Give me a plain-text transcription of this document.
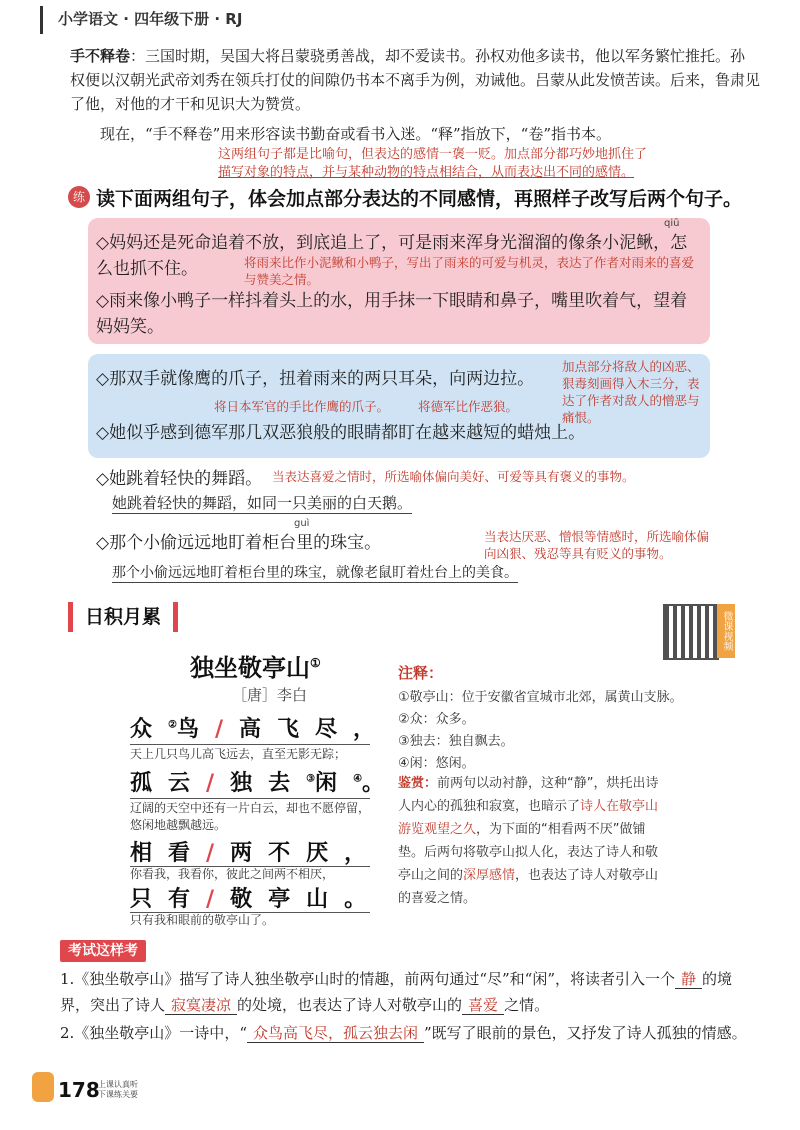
小学语文 · 四年级下册 · RJ
手不释卷：三国时期，吴国大将吕蒙骁勇善战，却不爱读书。孙权劝他多读书，他以军务繁忙推托。孙权便以汉朝光武帝刘秀在领兵打仗的间隙仍书本不离手为例，劝诫他。吕蒙从此发愤苦读。后来，鲁肃见了他，对他的才干和见识大为赞赏。
现在，“手不释卷”用来形容读书勤奋或看书入迷。“释”指放下，“卷”指书本。
这两组句子都是比喻句，但表达的感情一褒一贬。加点部分都巧妙地抓住了
描写对象的特点，并与某种动物的特点相结合，从而表达出不同的感情。
练 读下面两组句子，体会加点部分表达的不同感情，再照样子改写后两个句子。
qiū
◇妈妈还是死命追着不放，到底追上了，可是雨来浑身光溜溜的像条小泥鳅，怎么也抓不住。	将雨来比作小泥鳅和小鸭子，写出了雨来的可爱与机灵，表达了作者对雨来的喜爱与赞美之情。
◇雨来像小鸭子一样抖着头上的水，用手抹一下眼睛和鼻子，嘴里吹着气，望着妈妈笑。
◇那双手就像鹰的爪子，扭着雨来的两只耳朵，向两边拉。
将日本军官的手比作鹰的爪子。 将德军比作恶狼。
◇她似乎感到德军那几双恶狼般的眼睛都盯在越来越短的蜡烛上。
加点部分将敌人的凶恶、狠毒刻画得入木三分，表达了作者对敌人的憎恶与痛恨。
◇她跳着轻快的舞蹈。 当表达喜爱之情时，所选喻体偏向美好、可爱等具有褒义的事物。
她跳着轻快的舞蹈，如同一只美丽的白天鹅。
guì
◇那个小偷远远地盯着柜台里的珠宝。	当表达厌恶、憎恨等情感时，所选喻体偏向凶狠、残忍等具有贬义的事物。
那个小偷远远地盯着柜台里的珠宝，就像老鼠盯着灶台上的美食。
日积月累	微课视频
独坐敬亭山①
［唐］李白
众②鸟/高飞尽，
天上几只鸟儿高飞远去，直至无影无踪；
孤云/独去③闲④。
辽阔的天空中还有一片白云，却也不愿停留，悠闲地越飘越远。
相看/两不厌，
你看我，我看你，彼此之间两不相厌，
只有/敬亭山。
只有我和眼前的敬亭山了。
注释：
①敬亭山：位于安徽省宣城市北郊，属黄山支脉。
②众：众多。
③独去：独自飘去。
④闲：悠闲。
鉴赏：前两句以动衬静，这种“静”，烘托出诗人内心的孤独和寂寞，也暗示了诗人在敬亭山游览观望之久，为下面的“相看两不厌”做铺垫。后两句将敬亭山拟人化，表达了诗人和敬亭山之间的深厚感情，也表达了诗人对敬亭山的喜爱之情。
考试这样考
1.《独坐敬亭山》描写了诗人独坐敬亭山时的情趣，前两句通过“尽”和“闲”，将读者引入一个 静 的境界，突出了诗人 寂寞凄凉 的处境，也表达了诗人对敬亭山的 喜爱 之情。
2.《独坐敬亭山》一诗中，“ 众鸟高飞尽，孤云独去闲 ”既写了眼前的景色，又抒发了诗人孤独的情感。
178
上课认真听
下课练关要
